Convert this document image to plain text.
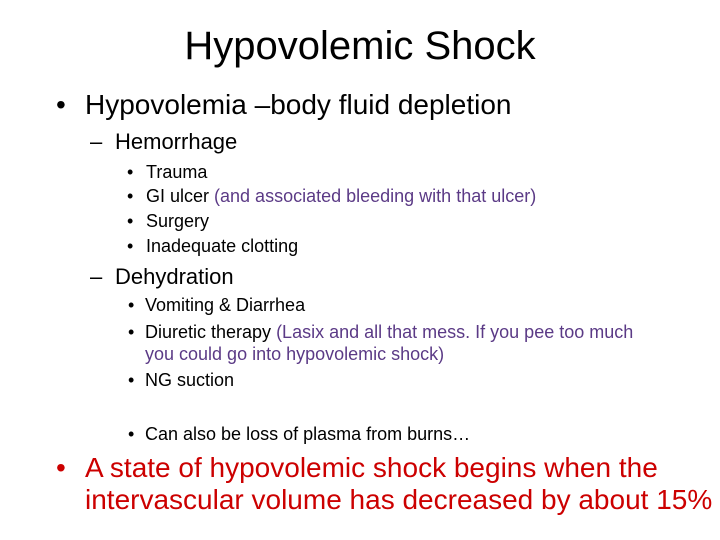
Hypovolemic Shock
• Hypovolemia –body fluid depletion
– Hemorrhage
• Trauma
• GI ulcer (and associated bleeding with that ulcer)
• Surgery
• Inadequate clotting
– Dehydration
• Vomiting & Diarrhea
• Diuretic therapy (Lasix and all that mess. If you pee too much
you could go into hypovolemic shock)
• NG suction
• Can also be loss of plasma from burns…
• A state of hypovolemic shock begins when the
intervascular volume has decreased by about 15%
